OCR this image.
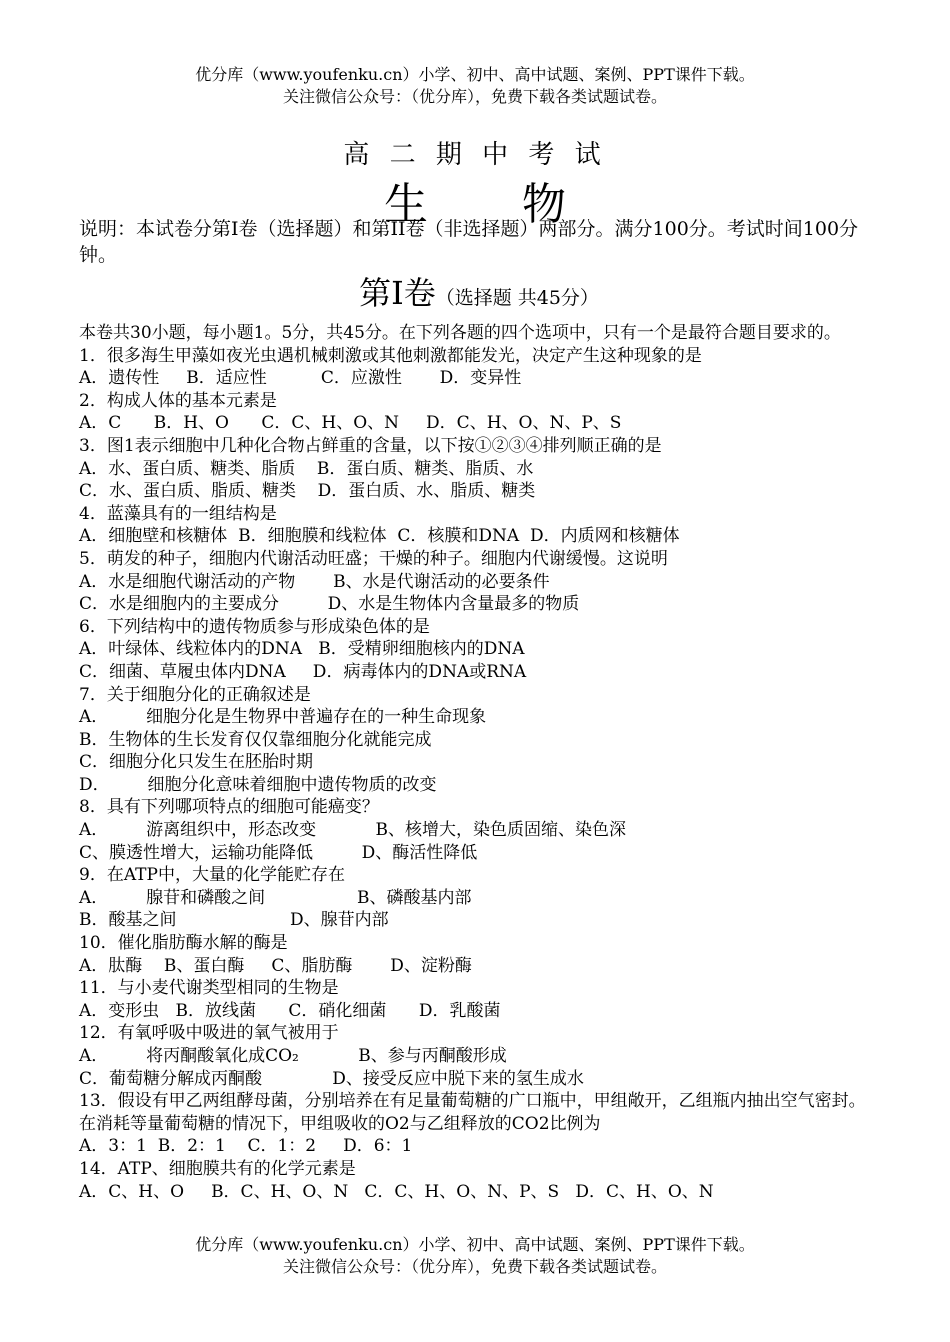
优分库（www.youfenku.cn）小学、初中、高中试题、案例、PPT课件下载。
关注微信公众号：（优分库），免费下载各类试题试卷。
高 二 期 中 考 试
生 物
说明：本试卷分第I卷（选择题）和第II卷（非选择题）两部分。满分100分。考试时间100分钟。
第I卷（选择题 共45分）
本卷共30小题，每小题1。5分，共45分。在下列各题的四个选项中，只有一个是最符合题目要求的。
1．很多海生甲藻如夜光虫遇机械刺激或其他刺激都能发光，决定产生这种现象的是
A．遗传性     B．适应性          C．应激性       D．变异性
2．构成人体的基本元素是
A．C      B．H、O      C．C、H、O、N     D．C、H、O、N、P、S
3．图1表示细胞中几种化合物占鲜重的含量，以下按①②③④排列顺正确的是
A．水、蛋白质、糖类、脂质    B．蛋白质、糖类、脂质、水
C．水、蛋白质、脂质、糖类    D．蛋白质、水、脂质、糖类
4．蓝藻具有的一组结构是
A．细胞壁和核糖体  B．细胞膜和线粒体  C．核膜和DNA  D．内质网和核糖体
5．萌发的种子，细胞内代谢活动旺盛；干燥的种子。细胞内代谢缓慢。这说明
A．水是细胞代谢活动的产物       B、水是代谢活动的必要条件
C．水是细胞内的主要成分         D、水是生物体内含量最多的物质
6．下列结构中的遗传物质参与形成染色体的是
A．叶绿体、线粒体内的DNA   B．受精卵细胞核内的DNA
C．细菌、草履虫体内DNA     D．病毒体内的DNA或RNA
7．关于细胞分化的正确叙述是
A．       细胞分化是生物界中普遍存在的一种生命现象
B．生物体的生长发育仅仅靠细胞分化就能完成
C．细胞分化只发生在胚胎时期
D．       细胞分化意味着细胞中遗传物质的改变
8．具有下列哪项特点的细胞可能癌变？
A．       游离组织中，形态改变           B、核增大，染色质固缩、染色深
C、膜透性增大，运输功能降低         D、酶活性降低
9．在ATP中，大量的化学能贮存在
A．       腺苷和磷酸之间                 B、磷酸基内部
B．酸基之间                     D、腺苷内部
10．催化脂肪酶水解的酶是
A．肽酶    B、蛋白酶     C、脂肪酶       D、淀粉酶
11．与小麦代谢类型相同的生物是
A．变形虫   B．放线菌      C．硝化细菌      D．乳酸菌
12．有氧呼吸中吸进的氧气被用于
A．       将丙酮酸氧化成CO₂           B、参与丙酮酸形成
C．葡萄糖分解成丙酮酸             D、接受反应中脱下来的氢生成水
13．假设有甲乙两组酵母菌，分别培养在有足量葡萄糖的广口瓶中，甲组敞开，乙组瓶内抽出空气密封。在消耗等量葡萄糖的情况下，甲组吸收的O2与乙组释放的CO2比例为
A．3：1  B．2：1    C．1：2     D．6：1
14．ATP、细胞膜共有的化学元素是
A．C、H、O     B．C、H、O、N   C．C、H、O、N、P、S   D．C、H、O、N
优分库（www.youfenku.cn）小学、初中、高中试题、案例、PPT课件下载。
关注微信公众号：（优分库），免费下载各类试题试卷。
